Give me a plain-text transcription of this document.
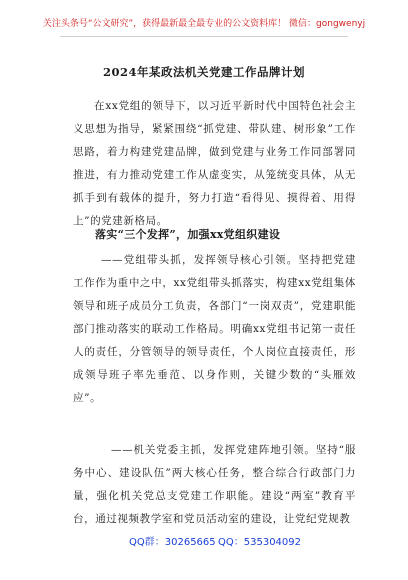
关注头条号“公文研究”，获得最新最全最专业的公文资料库！ 微信：gongwenyj
2024年某政法机关党建工作品牌计划

在xx党组的领导下，以习近平新时代中国特色社会主义思想为指导，紧紧围绕“抓党建、带队建、树形象”工作思路，着力构建党建品牌，做到党建与业务工作同部署同推进，有力推动党建工作从虚变实，从笼统变具体，从无抓手到有载体的提升，努力打造“看得见、摸得着、用得上”的党建新格局。

落实“三个发挥”，加强xx党组织建设

——党组带头抓，发挥领导核心引领。坚持把党建工作作为重中之中，xx党组带头抓落实，构建xx党组集体领导和班子成员分工负责，各部门“一岗双责”，党建职能部门推动落实的联动工作格局。明确xx党组书记第一责任人的责任，分管领导的领导责任，个人岗位直接责任，形成领导班子率先垂范、以身作则，关键少数的“头雁效应”。

——机关党委主抓，发挥党建阵地引领。坚持“服务中心、建设队伍”两大核心任务，整合综合行政部门力量，强化机关党总支党建工作职能。建设“两室”教育平台，通过视频教学室和党员活动室的建设，让党纪党规教

QQ群：30265665 QQ：535304092
